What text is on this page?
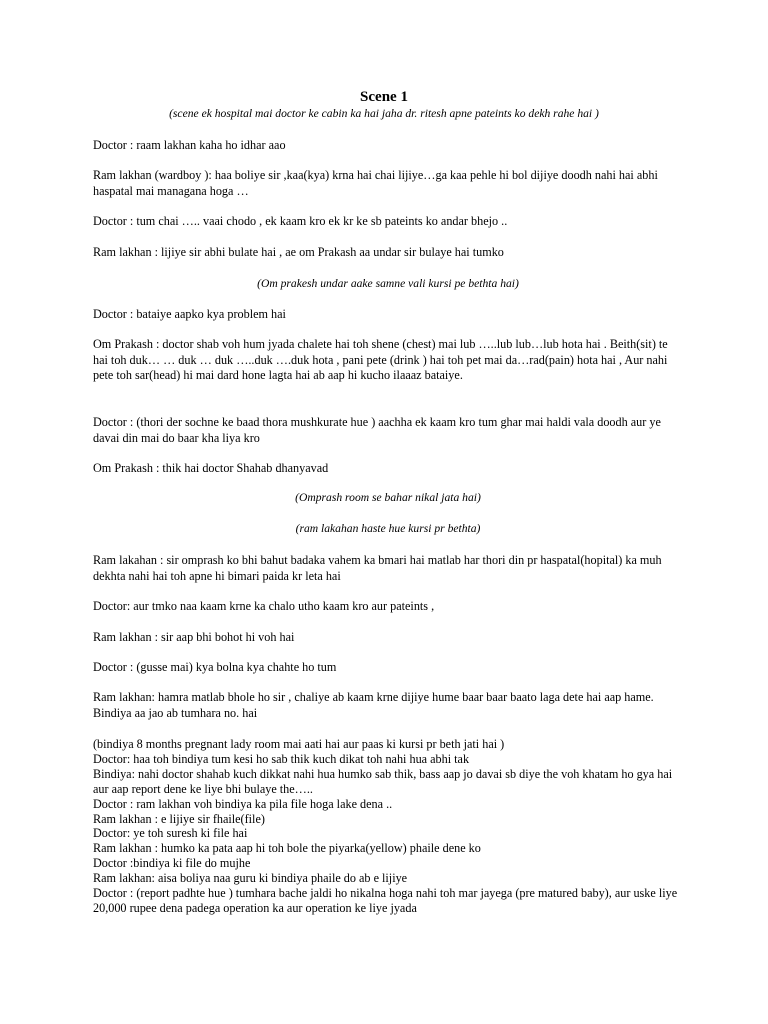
Scene 1
(scene ek hospital mai doctor ke cabin ka hai jaha dr. ritesh apne pateints ko dekh rahe hai )

Doctor : raam lakhan kaha ho idhar aao

Ram lakhan (wardboy ): haa boliye sir ,kaa(kya) krna hai chai lijiye…ga kaa pehle hi bol dijiye doodh nahi hai abhi haspatal mai managana hoga …

Doctor : tum chai ….. vaai chodo , ek kaam kro ek kr ke sb pateints ko andar bhejo ..

Ram lakhan : lijiye sir abhi bulate hai , ae om Prakash aa undar sir bulaye hai tumko

(Om prakesh undar aake samne vali kursi pe bethta hai)

Doctor : bataiye aapko kya problem hai

Om Prakash : doctor shab voh hum jyada chalete hai toh shene (chest) mai lub …..lub lub…lub hota hai . Beith(sit) te hai toh duk… … duk … duk …..duk ….duk hota , pani pete (drink ) hai toh pet mai da…rad(pain) hota hai , Aur nahi pete toh sar(head) hi mai dard hone lagta hai ab aap hi kucho ilaaaz bataiye.

Doctor : (thori der sochne ke baad thora mushkurate hue ) aachha ek kaam kro tum ghar mai haldi vala doodh aur ye davai din mai do baar kha liya kro

Om Prakash : thik hai doctor Shahab dhanyavad

(Omprash room se bahar nikal jata hai)

(ram lakahan haste hue kursi pr bethta)

Ram lakahan : sir omprash ko bhi bahut badaka vahem ka bmari hai matlab har thori din pr haspatal(hopital) ka muh dekhta nahi hai toh apne hi bimari paida kr leta hai

Doctor: aur tmko naa kaam krne ka chalo utho kaam kro aur pateints ,

Ram lakhan : sir aap bhi bohot hi voh hai

Doctor : (gusse mai) kya bolna kya chahte ho tum

Ram lakhan: hamra matlab bhole ho sir , chaliye ab kaam krne dijiye hume baar baar baato laga dete hai aap hame. Bindiya aa jao ab tumhara no. hai

(bindiya 8 months pregnant lady room mai aati hai aur paas ki kursi pr beth jati hai )
Doctor: haa toh bindiya tum kesi ho sab thik kuch dikat toh nahi hua abhi tak
Bindiya: nahi doctor shahab kuch dikkat nahi hua humko sab thik, bass aap jo davai sb diye the voh khatam ho gya hai aur aap report dene ke liye bhi bulaye the…..
Doctor : ram lakhan voh bindiya ka pila file hoga lake dena ..
Ram lakhan : e lijiye sir fhaile(file)
Doctor: ye toh suresh ki file hai
Ram lakhan : humko ka pata aap hi toh bole the piyarka(yellow) phaile dene ko
Doctor :bindiya ki file do mujhe
Ram lakhan: aisa boliya naa guru ki bindiya phaile do ab e lijiye
Doctor : (report padhte hue ) tumhara bache jaldi ho nikalna hoga nahi toh mar jayega (pre matured baby), aur uske liye 20,000 rupee dena padega operation ka aur operation ke liye jyada
